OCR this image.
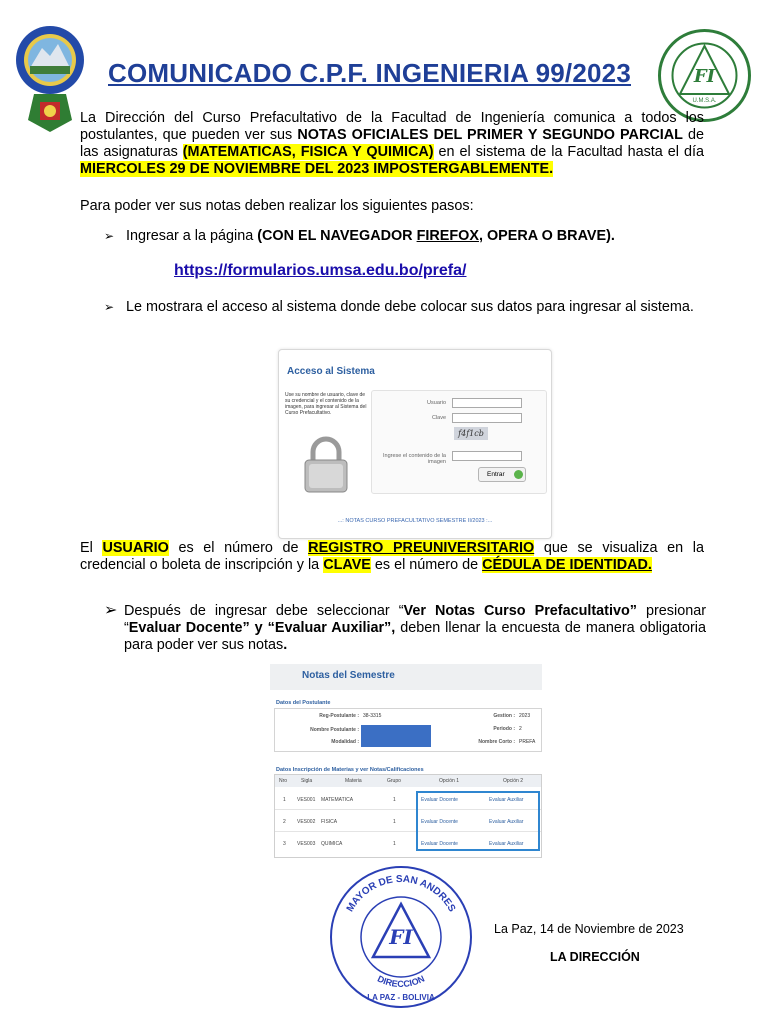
FI
U.M.S.A.
COMUNICADO C.P.F. INGENIERIA 99/2023
La Dirección del Curso Prefacultativo de la Facultad de Ingeniería comunica a todos los postulantes, que pueden ver sus NOTAS OFICIALES DEL PRIMER Y SEGUNDO PARCIAL de las asignaturas (MATEMATICAS, FISICA Y QUIMICA) en el sistema de la Facultad hasta el día MIERCOLES 29 DE NOVIEMBRE DEL 2023 IMPOSTERGABLEMENTE.
Para poder ver sus notas deben realizar los siguientes pasos:
➢ Ingresar a la página (CON EL NAVEGADOR FIREFOX, OPERA O BRAVE).
https://formularios.umsa.edu.bo/prefa/
➢ Le mostrara el acceso al sistema donde debe colocar sus datos para ingresar al sistema.
Acceso al Sistema
Use su nombre de usuario, clave de su credencial y el contenido de la imagen, para ingresar al Sistema del Curso Prefacultativo.
Usuario
Clave
f4f1cb
Ingrese el contenido de la imagen
Entrar
...: NOTAS CURSO PREFACULTATIVO SEMESTRE II/2023 :...
El USUARIO es el número de REGISTRO PREUNIVERSITARIO que se visualiza en la credencial o boleta de inscripción y la CLAVE es el número de CÉDULA DE IDENTIDAD.
➢ Después de ingresar debe seleccionar “Ver Notas Curso Prefacultativo” presionar “Evaluar Docente” y “Evaluar Auxiliar”, deben llenar la encuesta de manera obligatoria para poder ver sus notas.
Notas del Semestre
Datos del Postulante
Reg-Postulante : 38-3315
Nombre Postulante :
Modalidad :
Gestion : 2023
Periodo : 2
Nombre Corto : PREFA
Datos Inscripción de Materias y ver Notas/Calificaciones
Nro	Sigla	Materia	Grupo	Opción 1	Opción 2
1 VES001 MATEMATICA	1	Evaluar Docente	Evaluar Auxiliar
2 VES002 FISICA	1	Evaluar Docente	Evaluar Auxiliar
3 VES003 QUIMICA	1	Evaluar Docente	Evaluar Auxiliar
FI
MAYOR DE SAN ANDRES
DIRECCION
LA PAZ - BOLIVIA
La Paz, 14 de Noviembre de 2023
LA DIRECCIÓN
